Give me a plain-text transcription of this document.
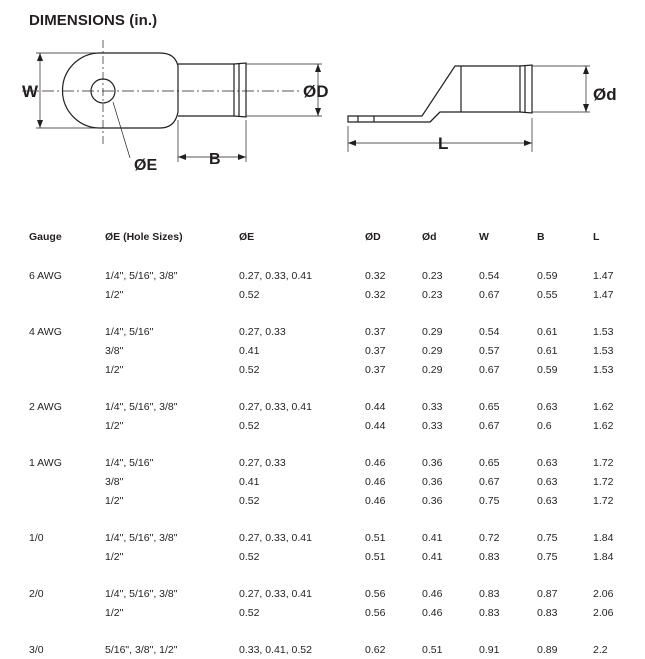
DIMENSIONS (in.)
W	ØD
B
ØE
L
Ød
Gauge	ØE (Hole Sizes)	ØE	ØD	Ød	W	B	L

6 AWG	1/4", 5/16", 3/8"	0.27, 0.33, 0.41	0.32	0.23	0.54	0.59	1.47
	1/2"	0.52	0.32	0.23	0.67	0.55	1.47

4 AWG	1/4", 5/16"	0.27, 0.33	0.37	0.29	0.54	0.61	1.53
	3/8"	0.41	0.37	0.29	0.57	0.61	1.53
	1/2"	0.52	0.37	0.29	0.67	0.59	1.53

2 AWG	1/4", 5/16", 3/8"	0.27, 0.33, 0.41	0.44	0.33	0.65	0.63	1.62
	1/2"	0.52	0.44	0.33	0.67	0.6	1.62

1 AWG	1/4", 5/16"	0.27, 0.33	0.46	0.36	0.65	0.63	1.72
	3/8"	0.41	0.46	0.36	0.67	0.63	1.72
	1/2"	0.52	0.46	0.36	0.75	0.63	1.72

1/0	1/4", 5/16", 3/8"	0.27, 0.33, 0.41	0.51	0.41	0.72	0.75	1.84
	1/2"	0.52	0.51	0.41	0.83	0.75	1.84

2/0	1/4", 5/16", 3/8"	0.27, 0.33, 0.41	0.56	0.46	0.83	0.87	2.06
	1/2"	0.52	0.56	0.46	0.83	0.83	2.06

3/0	5/16", 3/8", 1/2"	0.33, 0.41, 0.52	0.62	0.51	0.91	0.89	2.2
